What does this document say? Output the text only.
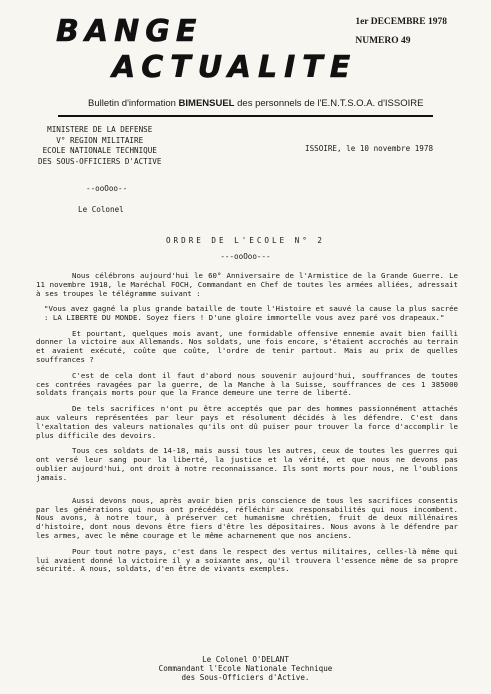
BANGE
ACTUALITE
1er DECEMBRE 1978
NUMERO 49
Bulletin d'information BIMENSUEL des personnels de l'E.N.T.S.O.A. d'ISSOIRE
MINISTERE DE LA DEFENSE
V° REGION MILITAIRE
ECOLE NATIONALE TECHNIQUE
DES SOUS-OFFICIERS D'ACTIVE
ISSOIRE, le 10 novembre 1978
--ooOoo--
Le Colonel
ORDRE DE L'ECOLE N° 2
---ooOoo---

Nous célébrons aujourd'hui le 60° Anniversaire de l'Armistice de la Grande Guerre. Le 11 novembre 1918, le Maréchal FOCH, Commandant en Chef de toutes les armées alliées, adressait à ses troupes le télégramme suivant :

"Vous avez gagné la plus grande bataille de toute l'Histoire et sauvé la cause la plus sacrée : LA LIBERTE DU MONDE. Soyez fiers ! D'une gloire immortelle vous avez paré vos drapeaux."

Et pourtant, quelques mois avant, une formidable offensive ennemie avait bien failli donner la victoire aux Allemands. Nos soldats, une fois encore, s'étaient accrochés au terrain et avaient exécuté, coûte que coûte, l'ordre de tenir partout. Mais au prix de quelles souffrances ?

C'est de cela dont il faut d'abord nous souvenir aujourd'hui, souffrances de toutes ces contrées ravagées par la guerre, de la Manche à la Suisse, souffrances de ces 1 385000 soldats français morts pour que la France demeure une terre de liberté.

De tels sacrifices n'ont pu être acceptés que par des hommes passionnément attachés aux valeurs représentées par leur pays et résolument décidés à les défendre. C'est dans l'exaltation des valeurs nationales qu'ils ont dû puiser pour trouver la force d'accomplir le plus difficile des devoirs.

Tous ces soldats de 14-18, mais aussi tous les autres, ceux de toutes les guerres qui ont versé leur sang pour la liberté, la justice et la vérité, et que nous ne devons pas oublier aujourd'hui, ont droit à notre reconnaissance. Ils sont morts pour nous, ne l'oublions jamais.

Aussi devons nous, après avoir bien pris conscience de tous les sacrifices consentis par les générations qui nous ont précédés, réfléchir aux responsabilités qui nous incombent. Nous avons, à notre tour, à préserver cet humanisme chrétien, fruit de deux millénaires d'histoire, dont nous devons être fiers d'être les dépositaires. Nous avons à le défendre par les armes, avec le même courage et le même acharnement que nos anciens.

Pour tout notre pays, c'est dans le respect des vertus militaires, celles-là même qui lui avaient donné la victoire il y a soixante ans, qu'il trouvera l'essence même de sa propre sécurité. A nous, soldats, d'en être de vivants exemples.

Le Colonel O'DELANT
Commandant l'Ecole Nationale Technique
des Sous-Officiers d'Active.
